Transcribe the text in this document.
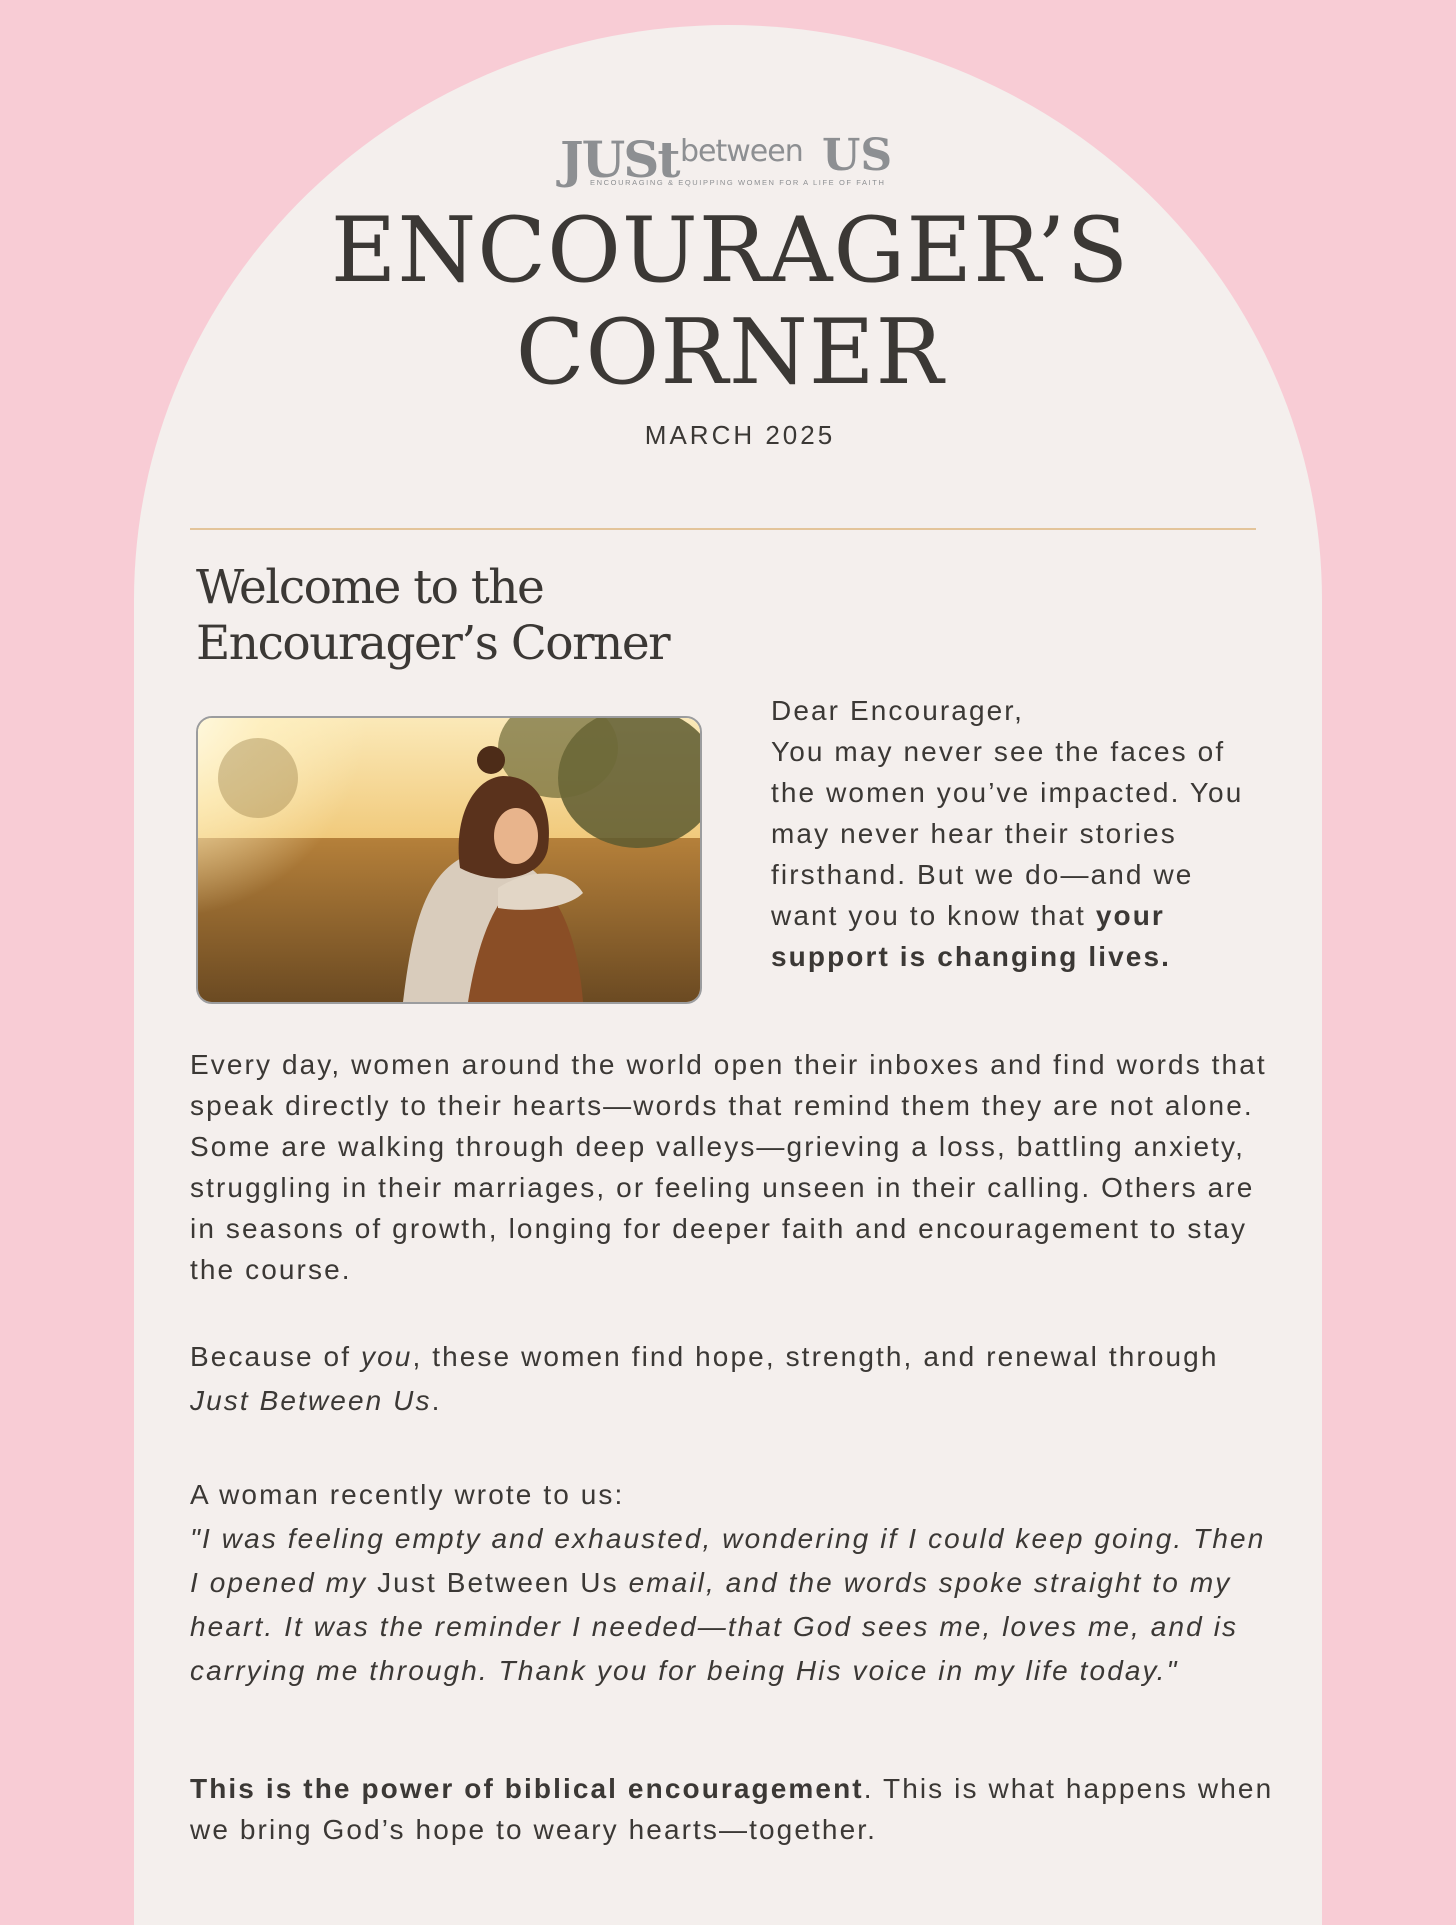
JUSt between US
ENCOURAGING & EQUIPPING WOMEN FOR A LIFE OF FAITH
ENCOURAGER’S
CORNER
MARCH 2025
Welcome to the
Encourager’s Corner
Dear Encourager,
You may never see the faces of the women you’ve impacted. You may never hear their stories firsthand. But we do—and we want you to know that your support is changing lives.

Every day, women around the world open their inboxes and find words that speak directly to their hearts—words that remind them they are not alone. Some are walking through deep valleys—grieving a loss, battling anxiety, struggling in their marriages, or feeling unseen in their calling. Others are in seasons of growth, longing for deeper faith and encouragement to stay the course.

Because of you, these women find hope, strength, and renewal through Just Between Us.

A woman recently wrote to us:
"I was feeling empty and exhausted, wondering if I could keep going. Then I opened my Just Between Us email, and the words spoke straight to my heart. It was the reminder I needed—that God sees me, loves me, and is carrying me through. Thank you for being His voice in my life today."

This is the power of biblical encouragement. This is what happens when we bring God’s hope to weary hearts—together.
